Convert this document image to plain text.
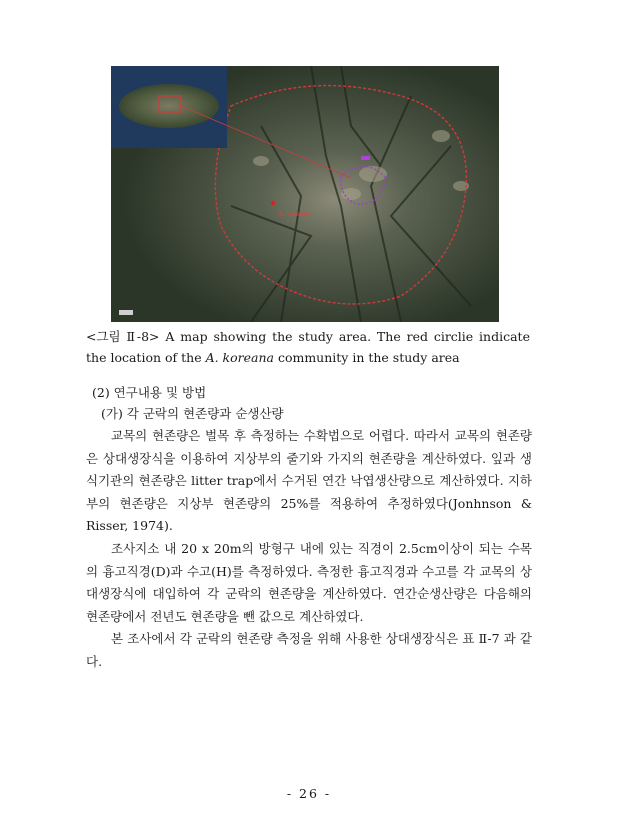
A. koreana
<그림 Ⅱ-8> A map showing the study area. The red circlie indicate the location of the A. koreana community in the study area
(2) 연구내용 및 방법
(가) 각 군락의 현존량과 순생산량

교목의 현존량은 벌목 후 측정하는 수확법으로 어렵다. 따라서 교목의 현존량은 상대생장식을 이용하여 지상부의 줄기와 가지의 현존량을 계산하였다. 잎과 생식기관의 현존량은 litter trap에서 수거된 연간 낙엽생산량으로 계산하였다. 지하부의 현존량은 지상부 현존량의 25%를 적용하여 추정하였다(Jonhnson & Risser, 1974).

조사지소 내 20 x 20m의 방형구 내에 있는 직경이 2.5cm이상이 되는 수목의 흉고직경(D)과 수고(H)를 측정하였다. 측정한 흉고직경과 수고를 각 교목의 상대생장식에 대입하여 각 군락의 현존량을 계산하였다. 연간순생산량은 다음해의 현존량에서 전년도 현존량을 뺀 값으로 계산하였다.

본 조사에서 각 군락의 현존량 측정을 위해 사용한 상대생장식은 표 Ⅱ-7 과 같다.

- 26 -
